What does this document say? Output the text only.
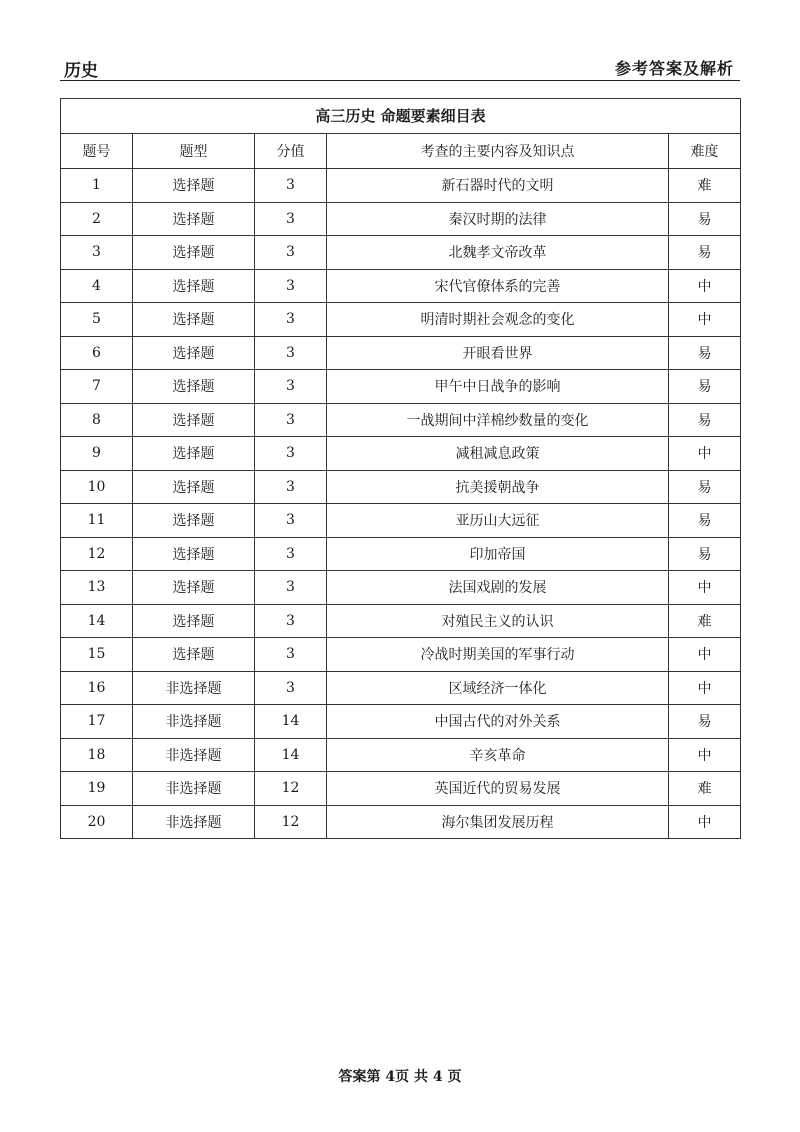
历史	参考答案及解析
高三历史 命题要素细目表
题号	题型	分值	考查的主要内容及知识点	难度
1	选择题	3	新石器时代的文明	难
2	选择题	3	秦汉时期的法律	易
3	选择题	3	北魏孝文帝改革	易
4	选择题	3	宋代官僚体系的完善	中
5	选择题	3	明清时期社会观念的变化	中
6	选择题	3	开眼看世界	易
7	选择题	3	甲午中日战争的影响	易
8	选择题	3	一战期间中洋棉纱数量的变化	易
9	选择题	3	减租减息政策	中
10	选择题	3	抗美援朝战争	易
11	选择题	3	亚历山大远征	易
12	选择题	3	印加帝国	易
13	选择题	3	法国戏剧的发展	中
14	选择题	3	对殖民主义的认识	难
15	选择题	3	冷战时期美国的军事行动	中
16	非选择题	3	区域经济一体化	中
17	非选择题	14	中国古代的对外关系	易
18	非选择题	14	辛亥革命	中
19	非选择题	12	英国近代的贸易发展	难
20	非选择题	12	海尔集团发展历程	中
答案第 4页 共 4 页
